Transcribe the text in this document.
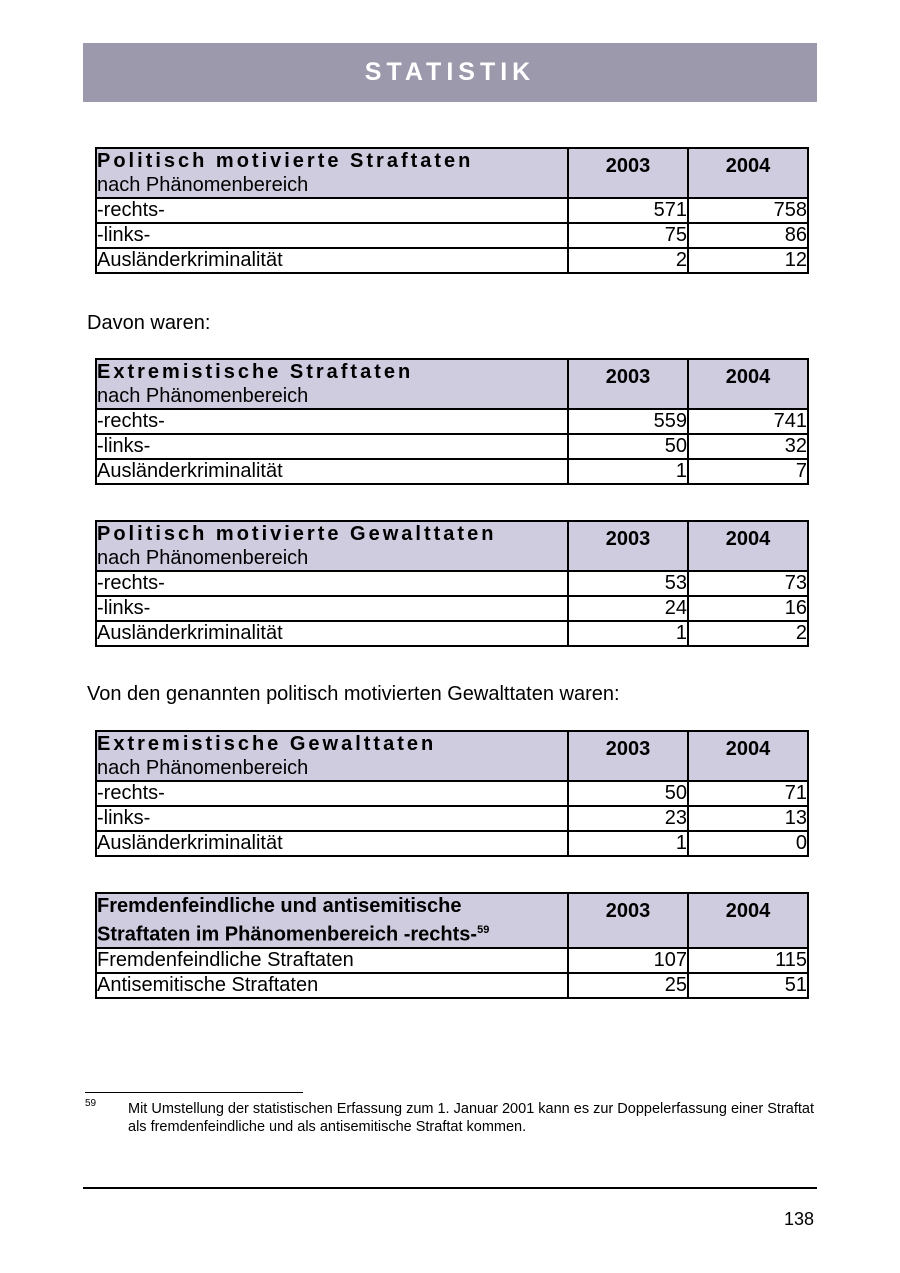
STATISTIK
Politisch motivierte Straftaten
nach Phänomenbereich	2003	2004
-rechts-	571	758
-links-	75	86
Ausländerkriminalität	2	12
Davon waren:
Extremistische Straftaten
nach Phänomenbereich	2003	2004
-rechts-	559	741
-links-	50	32
Ausländerkriminalität	1	7
Politisch motivierte Gewalttaten
nach Phänomenbereich	2003	2004
-rechts-	53	73
-links-	24	16
Ausländerkriminalität	1	2
Von den genannten politisch motivierten Gewalttaten waren:
Extremistische Gewalttaten
nach Phänomenbereich	2003	2004
-rechts-	50	71
-links-	23	13
Ausländerkriminalität	1	0
Fremdenfeindliche und antisemitische
Straftaten im Phänomenbereich -rechts-$^{59}$	2003	2004
Fremdenfeindliche Straftaten	107	115
Antisemitische Straftaten	25	51
59 Mit Umstellung der statistischen Erfassung zum 1. Januar 2001 kann es zur Doppelerfassung einer Straftat als fremdenfeindliche und als antisemitische Straftat kommen.
138
